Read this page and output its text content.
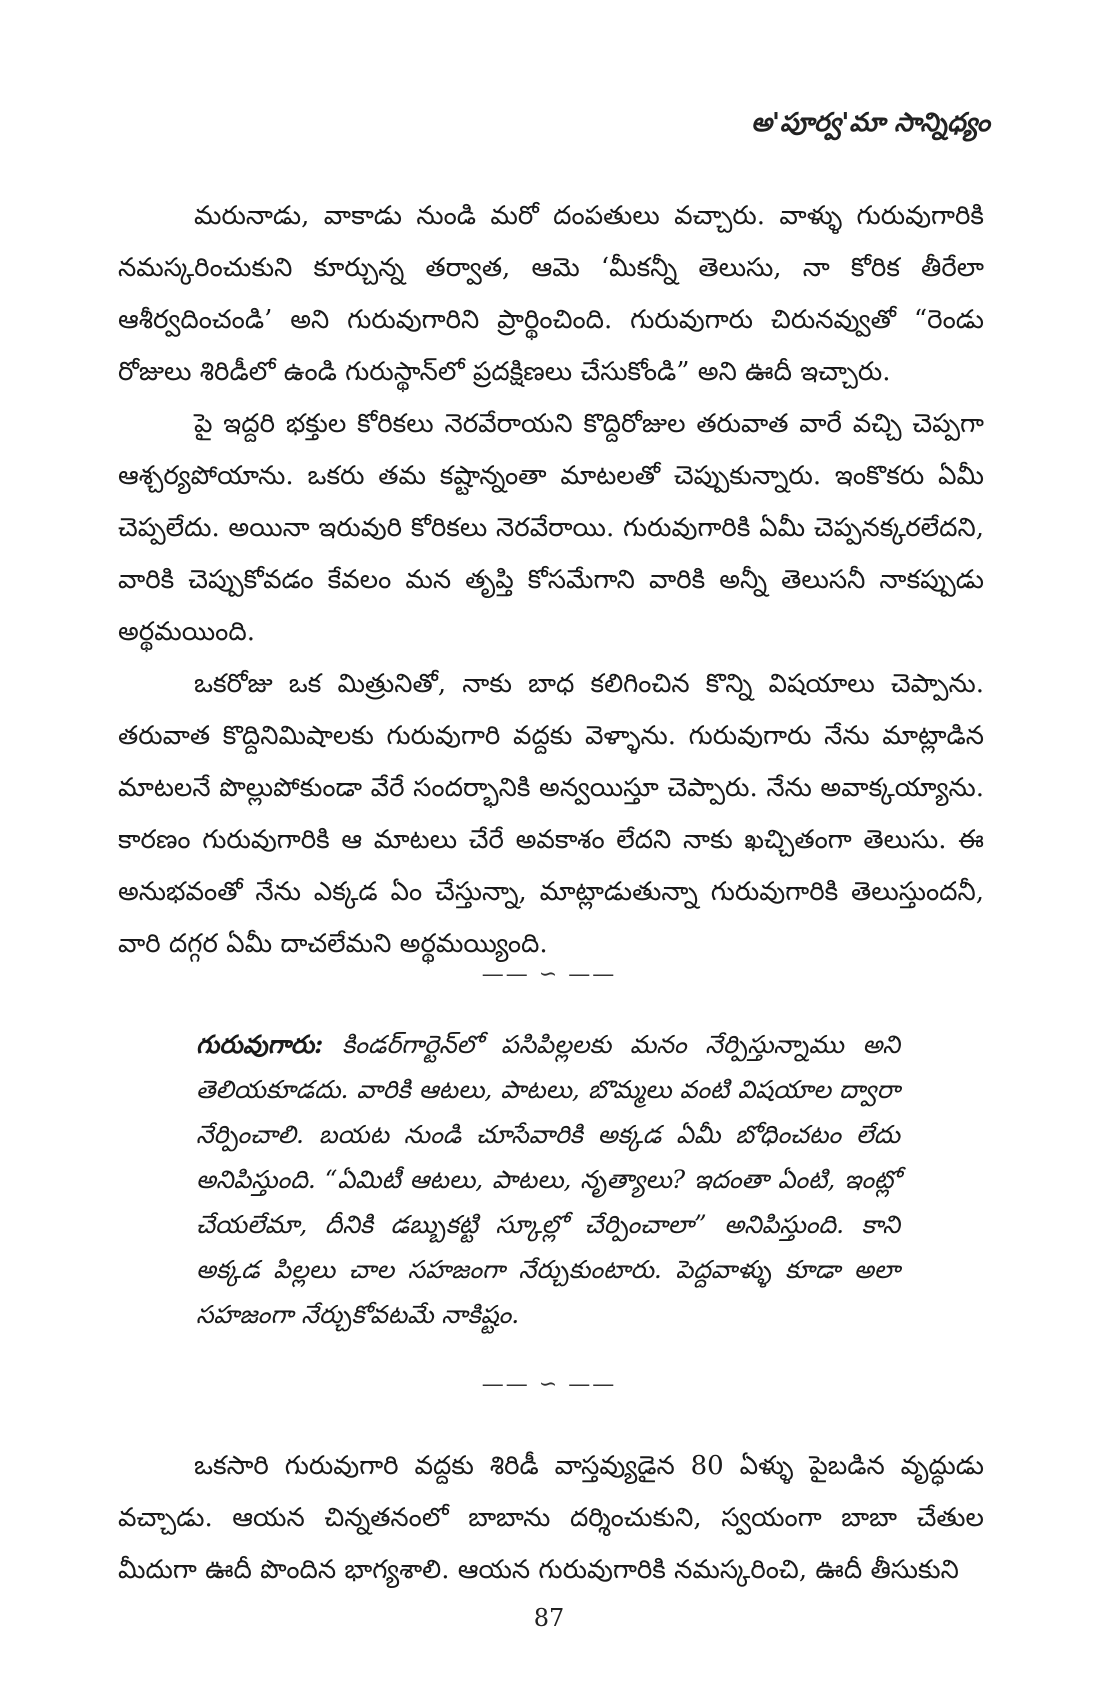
అ'పూర్వ'మా సాన్నిధ్యం

మరునాడు, వాకాడు నుండి మరో దంపతులు వచ్చారు. వాళ్ళు గురువుగారికి నమస్కరించుకుని కూర్చున్న తర్వాత, ఆమె ‘మీకన్నీ తెలుసు, నా కోరిక తీరేలా ఆశీర్వదించండి’ అని గురువుగారిని ప్రార్థించింది. గురువుగారు చిరునవ్వుతో “రెండు రోజులు శిరిడీలో ఉండి గురుస్థాన్‌లో ప్రదక్షిణలు చేసుకోండి” అని ఊదీ ఇచ్చారు.

పై ఇద్దరి భక్తుల కోరికలు నెరవేరాయని కొద్దిరోజుల తరువాత వారే వచ్చి చెప్పగా ఆశ్చర్యపోయాను. ఒకరు తమ కష్టాన్నంతా మాటలతో చెప్పుకున్నారు. ఇంకొకరు ఏమీ చెప్పలేదు. అయినా ఇరువురి కోరికలు నెరవేరాయి. గురువుగారికి ఏమీ చెప్పనక్కరలేదని, వారికి చెప్పుకోవడం కేవలం మన తృప్తి కోసమేగాని వారికి అన్నీ తెలుసనీ నాకప్పుడు అర్థమయింది.

ఒకరోజు ఒక మిత్రునితో, నాకు బాధ కలిగించిన కొన్ని విషయాలు చెప్పాను. తరువాత కొద్దినిమిషాలకు గురువుగారి వద్దకు వెళ్ళాను. గురువుగారు నేను మాట్లాడిన మాటలనే పొల్లుపోకుండా వేరే సందర్భానికి అన్వయిస్తూ చెప్పారు. నేను అవాక్కయ్యాను. కారణం గురువుగారికి ఆ మాటలు చేరే అవకాశం లేదని నాకు ఖచ్చితంగా తెలుసు. ఈ అనుభవంతో నేను ఎక్కడ ఏం చేస్తున్నా, మాట్లాడుతున్నా గురువుగారికి తెలుస్తుందనీ, వారి దగ్గర ఏమీ దాచలేమని అర్థమయ్యింది.

—— ∽ ——
గురువుగారు: కిండర్‌గార్టెన్‌లో పసిపిల్లలకు మనం నేర్పిస్తున్నాము అని తెలియకూడదు. వారికి ఆటలు, పాటలు, బొమ్మలు వంటి విషయాల ద్వారా నేర్పించాలి. బయట నుండి చూసేవారికి అక్కడ ఏమీ బోధించటం లేదు అనిపిస్తుంది. “ఏమిటీ ఆటలు, పాటలు, నృత్యాలు? ఇదంతా ఏంటి, ఇంట్లో చేయలేమా, దీనికి డబ్బుకట్టి స్కూల్లో చేర్పించాలా” అనిపిస్తుంది. కాని అక్కడ పిల్లలు చాల సహజంగా నేర్చుకుంటారు. పెద్దవాళ్ళు కూడా అలా సహజంగా నేర్చుకోవటమే నాకిష్టం.
—— ∽ ——

ఒకసారి గురువుగారి వద్దకు శిరిడీ వాస్తవ్యుడైన 80 ఏళ్ళు పైబడిన వృద్ధుడు వచ్చాడు. ఆయన చిన్నతనంలో బాబాను దర్శించుకుని, స్వయంగా బాబా చేతుల మీదుగా ఊదీ పొందిన భాగ్యశాలి. ఆయన గురువుగారికి నమస్కరించి, ఊదీ తీసుకుని

87
